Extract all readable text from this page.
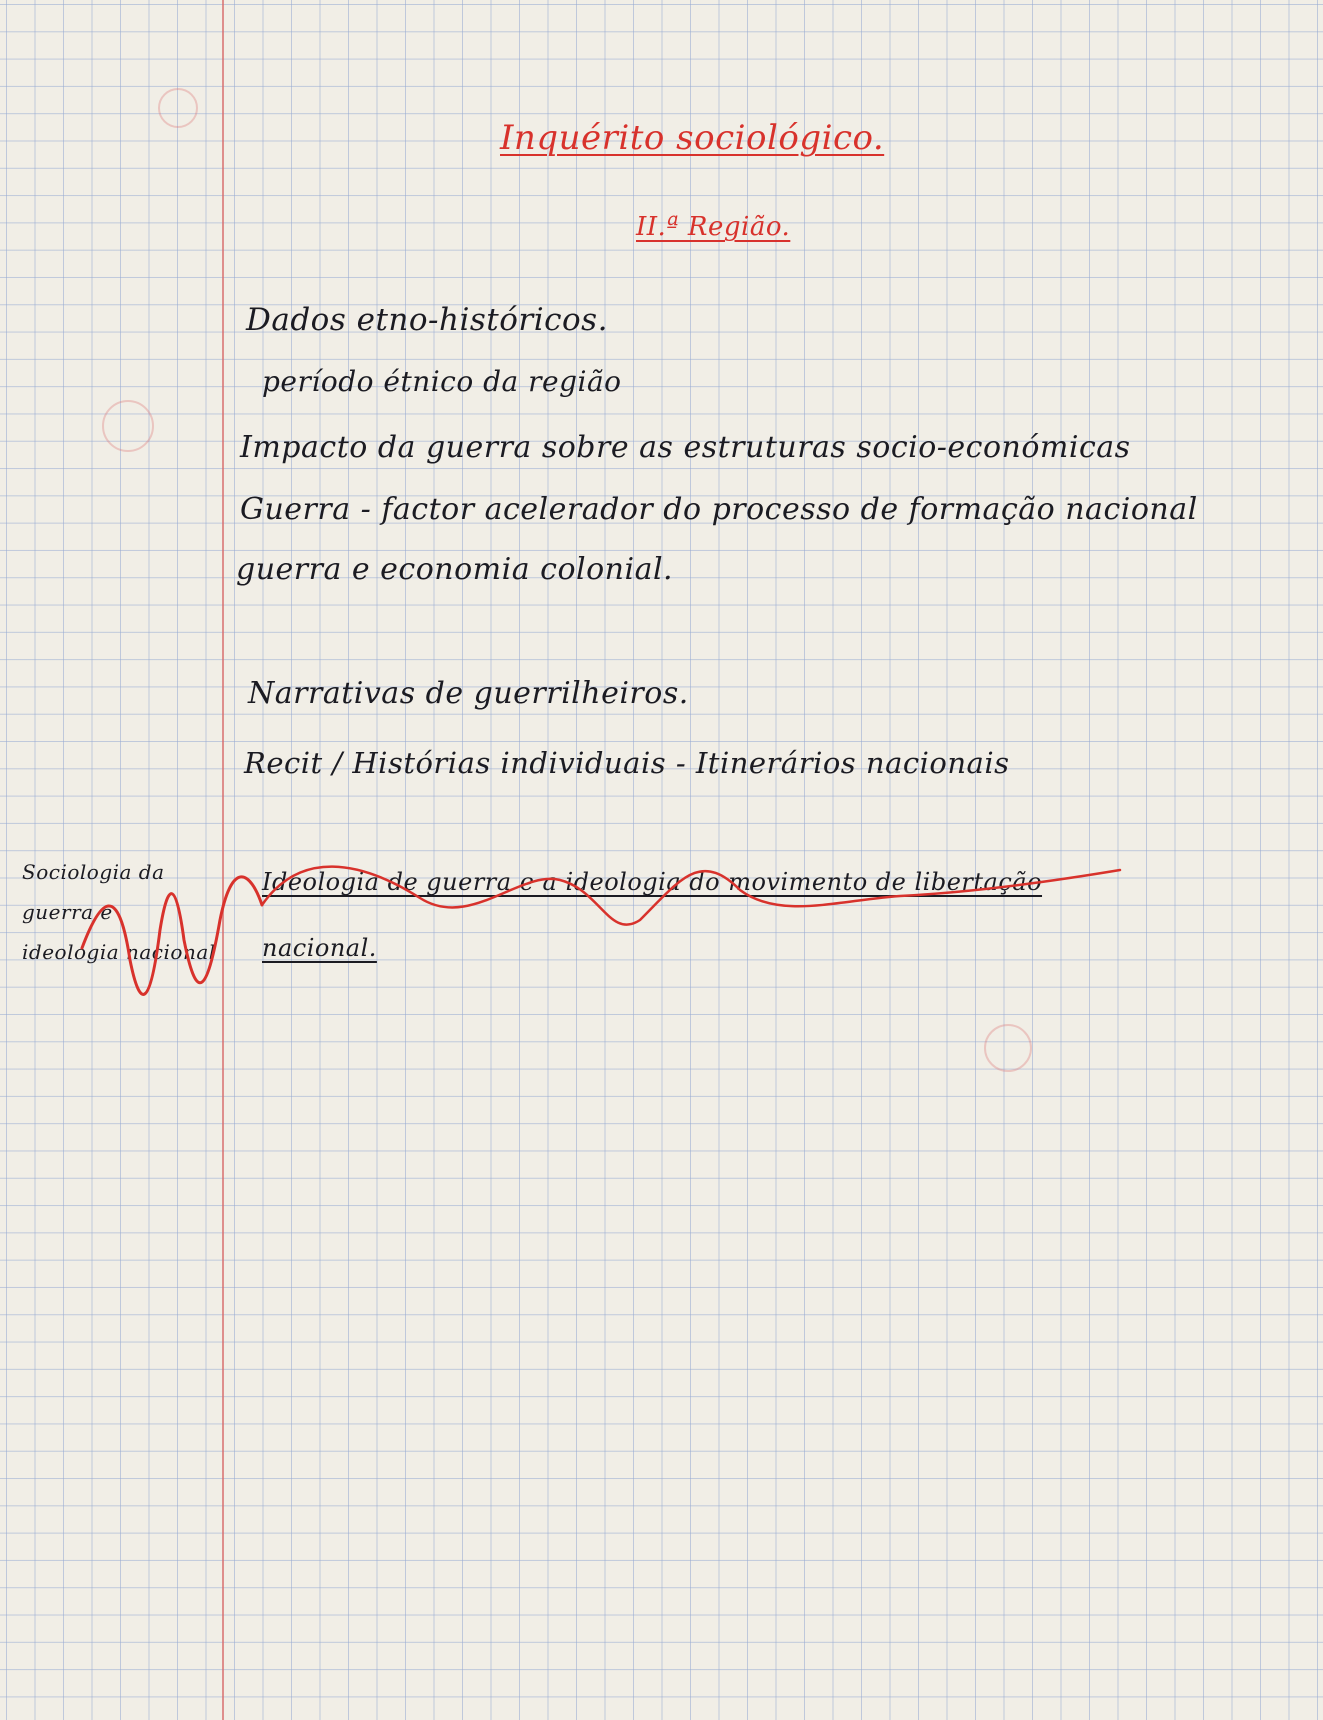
Inquérito sociológico.
II.ª Região.
Dados etno-históricos.
período étnico da região
Impacto da guerra sobre as estruturas socio-económicas
Guerra - factor acelerador do processo de formação nacional
guerra e economia colonial.
Narrativas de guerrilheiros.
Recit / Histórias individuais - Itinerários nacionais
Ideologia de guerra e a ideologia do movimento de libertação
nacional.
Sociologia da
guerra e
ideologia nacional
